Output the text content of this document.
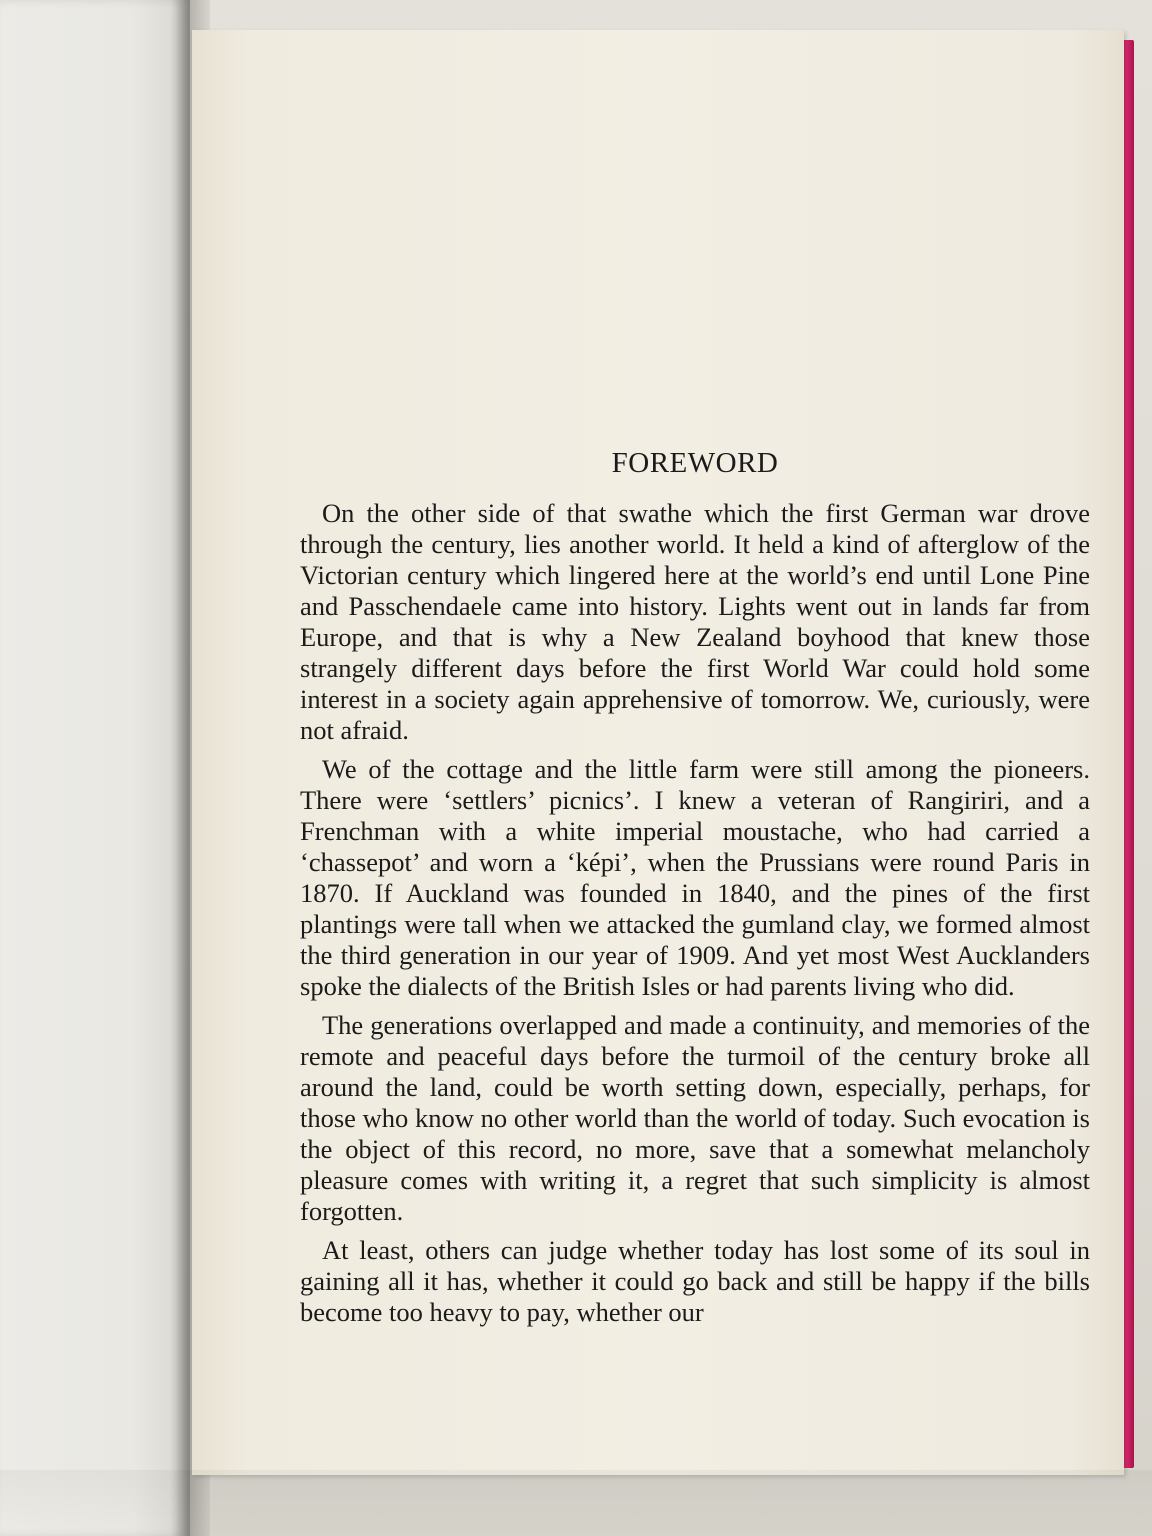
FOREWORD

On the other side of that swathe which the first German war drove through the century, lies another world. It held a kind of afterglow of the Victorian century which lingered here at the world’s end until Lone Pine and Passchendaele came into history. Lights went out in lands far from Europe, and that is why a New Zealand boyhood that knew those strangely different days before the first World War could hold some interest in a society again apprehensive of tomorrow. We, curiously, were not afraid.

We of the cottage and the little farm were still among the pioneers. There were ‘settlers’ picnics’. I knew a veteran of Rangiriri, and a Frenchman with a white imperial moustache, who had carried a ‘chassepot’ and worn a ‘képi’, when the Prussians were round Paris in 1870. If Auckland was founded in 1840, and the pines of the first plantings were tall when we attacked the gumland clay, we formed almost the third generation in our year of 1909. And yet most West Aucklanders spoke the dialects of the British Isles or had parents living who did.

The generations overlapped and made a continuity, and memories of the remote and peaceful days before the turmoil of the century broke all around the land, could be worth setting down, especially, perhaps, for those who know no other world than the world of today. Such evocation is the object of this record, no more, save that a somewhat melancholy pleasure comes with writing it, a regret that such simplicity is almost forgotten.

At least, others can judge whether today has lost some of its soul in gaining all it has, whether it could go back and still be happy if the bills become too heavy to pay, whether our
